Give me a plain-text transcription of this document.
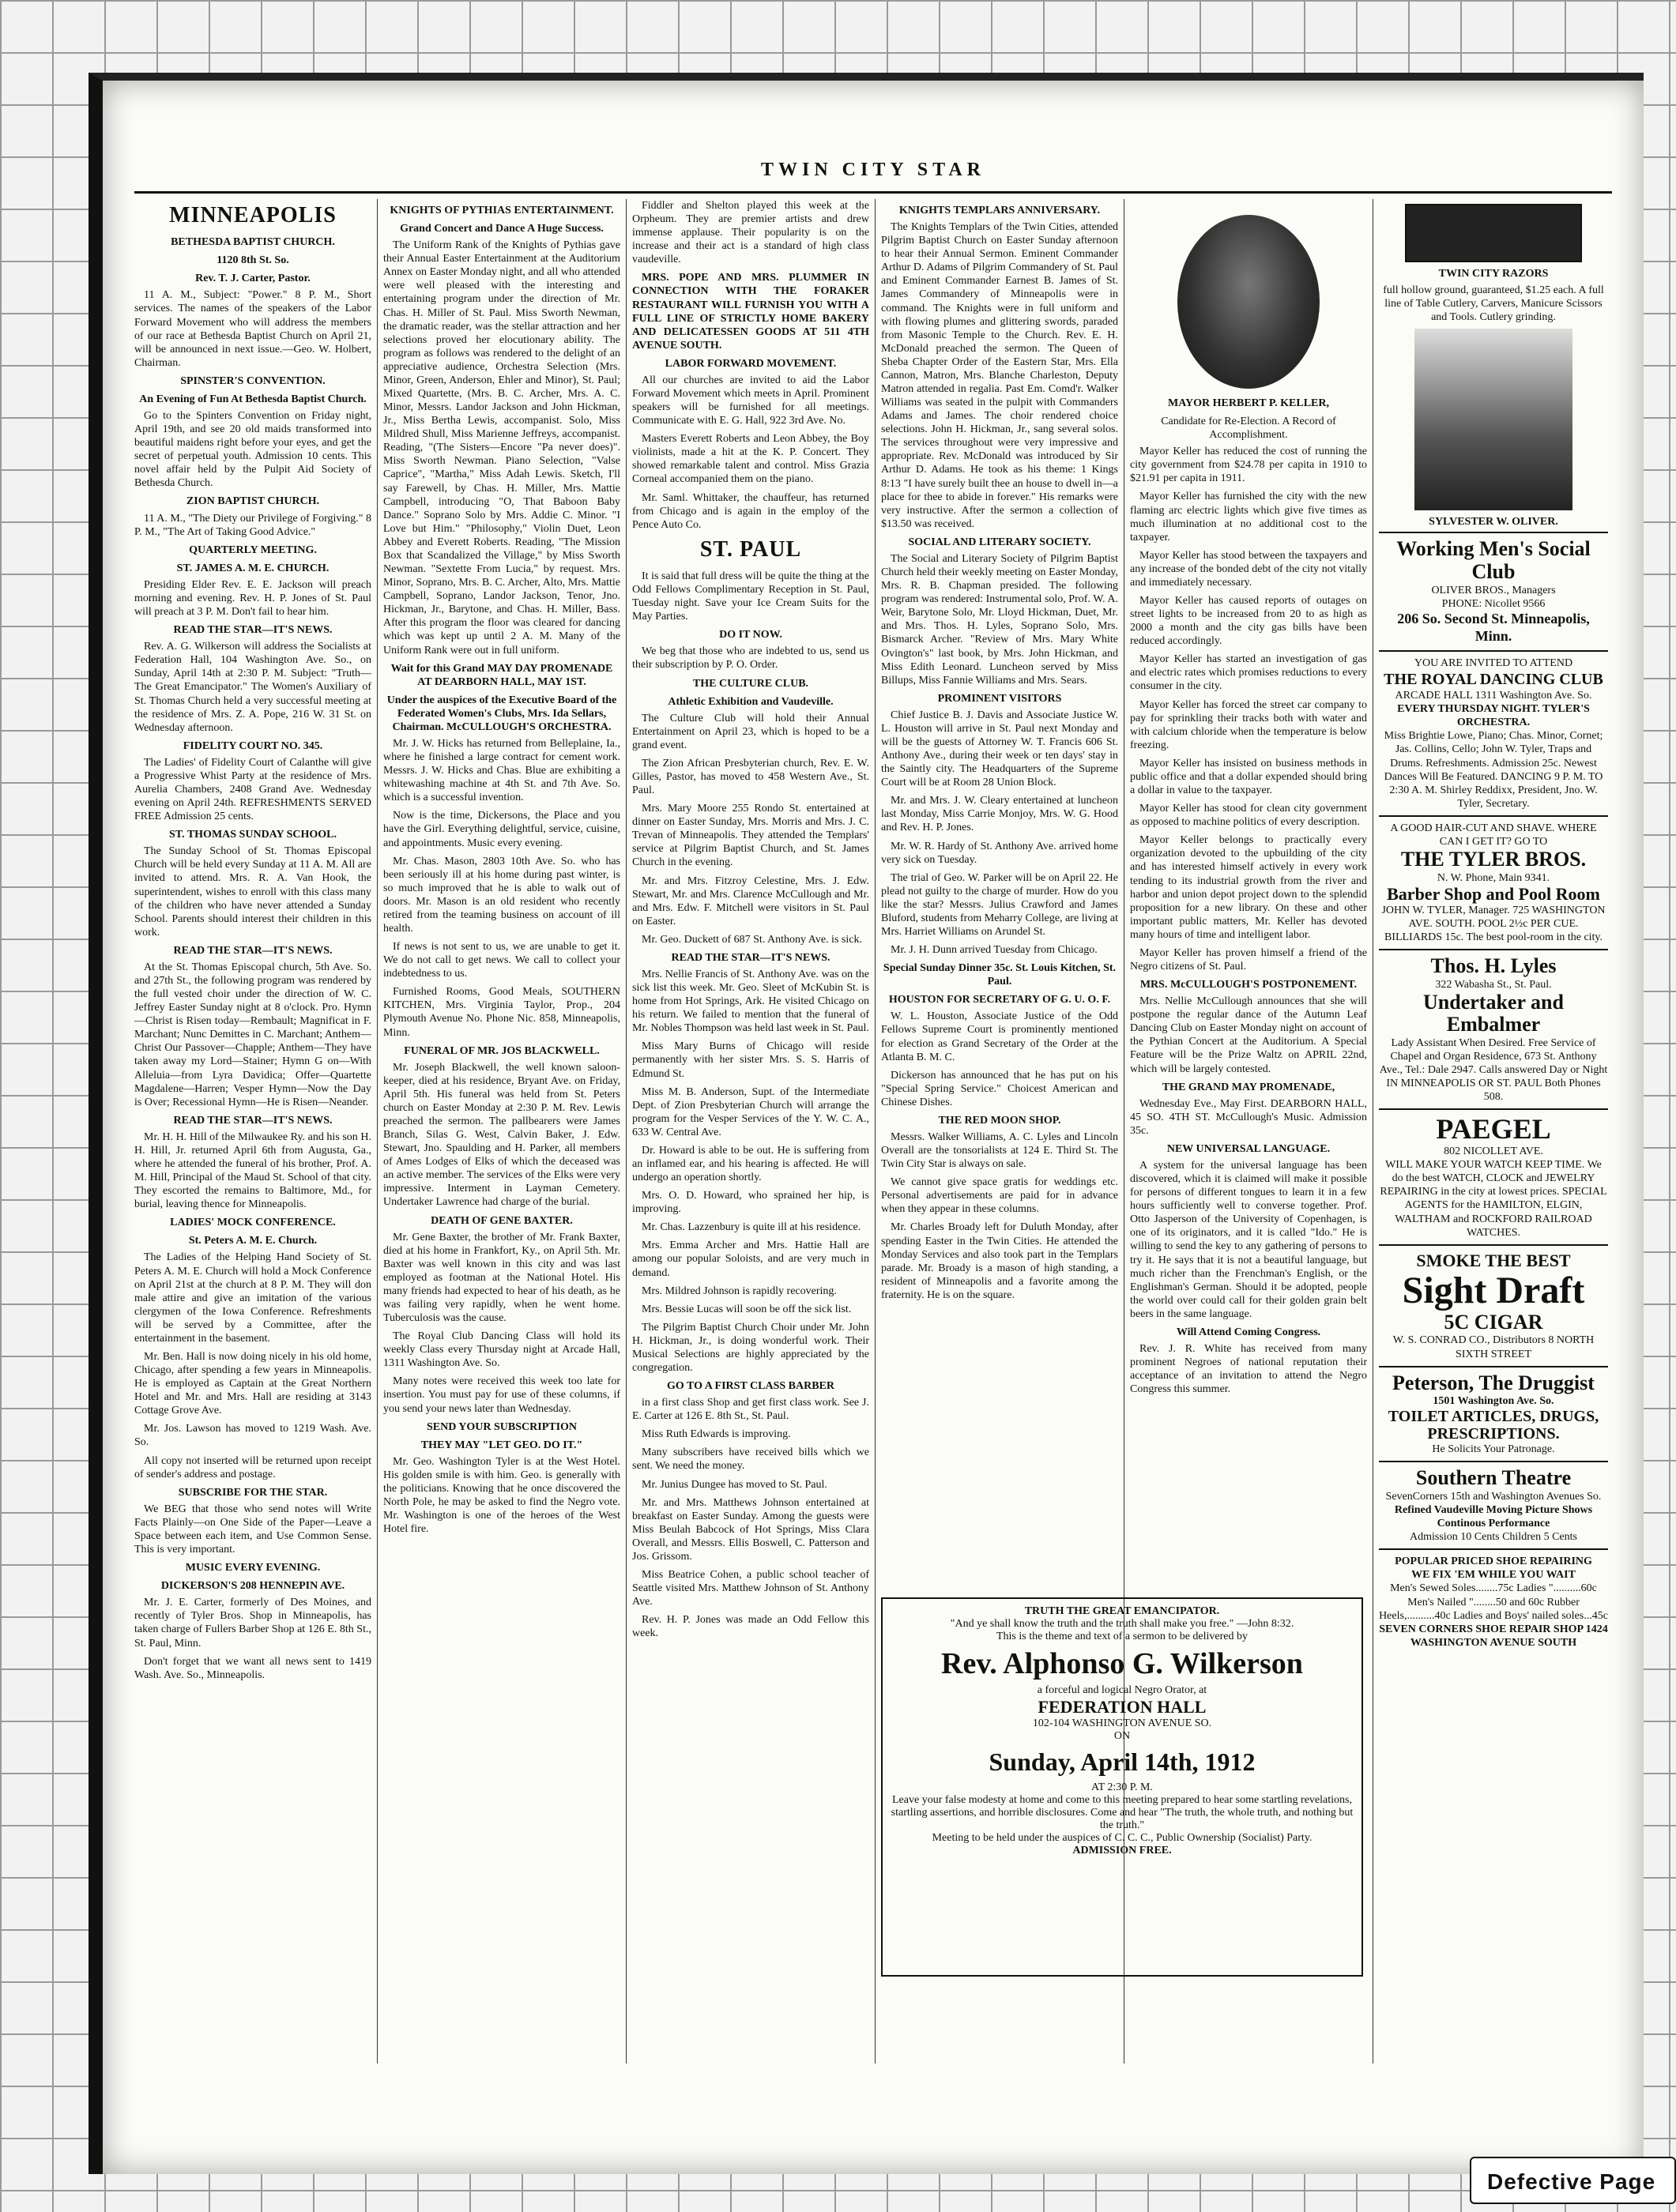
TWIN CITY STAR
MINNEAPOLIS
BETHESDA BAPTIST CHURCH.
1120 8th St. So.
Rev. T. J. Carter, Pastor.

11 A. M., Subject: "Power." 8 P. M., Short services. The names of the speakers of the Labor Forward Movement who will address the members of our race at Bethesda Baptist Church on April 21, will be announced in next issue.—Geo. W. Holbert, Chairman.

SPINSTER'S CONVENTION.
An Evening of Fun At Bethesda Baptist Church.

Go to the Spinters Convention on Friday night, April 19th, and see 20 old maids transformed into beautiful maidens right before your eyes, and get the secret of perpetual youth. Admission 10 cents. This novel affair held by the Pulpit Aid Society of Bethesda Church.

ZION BAPTIST CHURCH.

11 A. M., "The Diety our Privilege of Forgiving." 8 P. M., "The Art of Taking Good Advice."

QUARTERLY MEETING.
ST. JAMES A. M. E. CHURCH.

Presiding Elder Rev. E. E. Jackson will preach morning and evening. Rev. H. P. Jones of St. Paul will preach at 3 P. M. Don't fail to hear him.

READ THE STAR—IT'S NEWS.

Rev. A. G. Wilkerson will address the Socialists at Federation Hall, 104 Washington Ave. So., on Sunday, April 14th at 2:30 P. M. Subject: "Truth—The Great Emancipator." The Women's Auxiliary of St. Thomas Church held a very successful meeting at the residence of Mrs. Z. A. Pope, 216 W. 31 St. on Wednesday afternoon.

FIDELITY COURT NO. 345.

The Ladies' of Fidelity Court of Calanthe will give a Progressive Whist Party at the residence of Mrs. Aurelia Chambers, 2408 Grand Ave. Wednesday evening on April 24th. REFRESHMENTS SERVED FREE Admission 25 cents.

ST. THOMAS SUNDAY SCHOOL.

The Sunday School of St. Thomas Episcopal Church will be held every Sunday at 11 A. M. All are invited to attend. Mrs. R. A. Van Hook, the superintendent, wishes to enroll with this class many of the children who have never attended a Sunday School. Parents should interest their children in this work.

READ THE STAR—IT'S NEWS.

At the St. Thomas Episcopal church, 5th Ave. So. and 27th St., the following program was rendered by the full vested choir under the direction of W. C. Jeffrey Easter Sunday night at 8 o'clock. Pro. Hymn—Christ is Risen today—Rembault; Magnificat in F. Marchant; Nunc Demittes in C. Marchant; Anthem—Christ Our Passover—Chapple; Anthem—They have taken away my Lord—Stainer; Hymn G on—With Alleluia—from Lyra Davidica; Offer—Quartette Magdalene—Harren; Vesper Hymn—Now the Day is Over; Recessional Hymn—He is Risen—Neander.

READ THE STAR—IT'S NEWS.

Mr. H. H. Hill of the Milwaukee Ry. and his son H. H. Hill, Jr. returned April 6th from Augusta, Ga., where he attended the funeral of his brother, Prof. A. M. Hill, Principal of the Maud St. School of that city. They escorted the remains to Baltimore, Md., for burial, leaving thence for Minneapolis.

LADIES' MOCK CONFERENCE.
St. Peters A. M. E. Church.

The Ladies of the Helping Hand Society of St. Peters A. M. E. Church will hold a Mock Conference on April 21st at the church at 8 P. M. They will don male attire and give an imitation of the various clergymen of the Iowa Conference. Refreshments will be served by a Committee, after the entertainment in the basement.

Mr. Ben. Hall is now doing nicely in his old home, Chicago, after spending a few years in Minneapolis. He is employed as Captain at the Great Northern Hotel and Mr. and Mrs. Hall are residing at 3143 Cottage Grove Ave.

Mr. Jos. Lawson has moved to 1219 Wash. Ave. So.

All copy not inserted will be returned upon receipt of sender's address and postage.

SUBSCRIBE FOR THE STAR.

We BEG that those who send notes will Write Facts Plainly—on One Side of the Paper—Leave a Space between each item, and Use Common Sense. This is very important.

MUSIC EVERY EVENING.
DICKERSON'S 208 HENNEPIN AVE.

Mr. J. E. Carter, formerly of Des Moines, and recently of Tyler Bros. Shop in Minneapolis, has taken charge of Fullers Barber Shop at 126 E. 8th St., St. Paul, Minn.

Don't forget that we want all news sent to 1419 Wash. Ave. So., Minneapolis.

KNIGHTS OF PYTHIAS ENTERTAINMENT.
Grand Concert and Dance A Huge Success.

The Uniform Rank of the Knights of Pythias gave their Annual Easter Entertainment at the Auditorium Annex on Easter Monday night, and all who attended were well pleased with the interesting and entertaining program under the direction of Mr. Chas. H. Miller of St. Paul. Miss Sworth Newman, the dramatic reader, was the stellar attraction and her selections proved her elocutionary ability. The program as follows was rendered to the delight of an appreciative audience, Orchestra Selection (Mrs. Minor, Green, Anderson, Ehler and Minor), St. Paul; Mixed Quartette, (Mrs. B. C. Archer, Mrs. A. C. Minor, Messrs. Landor Jackson and John Hickman, Jr., Miss Bertha Lewis, accompanist. Solo, Miss Mildred Shull, Miss Marienne Jeffreys, accompanist. Reading, "(The Sisters—Encore "Pa never does)". Miss Sworth Newman. Piano Selection, "Valse Caprice", "Martha," Miss Adah Lewis. Sketch, I'll say Farewell, by Chas. H. Miller, Mrs. Mattie Campbell, introducing "O, That Baboon Baby Dance." Soprano Solo by Mrs. Addie C. Minor. "I Love but Him." "Philosophy," Violin Duet, Leon Abbey and Everett Roberts. Reading, "The Mission Box that Scandalized the Village," by Miss Sworth Newman. "Sextette From Lucia," by request. Mrs. Minor, Soprano, Mrs. B. C. Archer, Alto, Mrs. Mattie Campbell, Soprano, Landor Jackson, Tenor, Jno. Hickman, Jr., Barytone, and Chas. H. Miller, Bass. After this program the floor was cleared for dancing which was kept up until 2 A. M. Many of the Uniform Rank were out in full uniform.

Wait for this Grand MAY DAY PROMENADE AT DEARBORN HALL, MAY 1ST.
Under the auspices of the Executive Board of the Federated Women's Clubs, Mrs. Ida Sellars, Chairman. McCULLOUGH'S ORCHESTRA.

Mr. J. W. Hicks has returned from Belleplaine, Ia., where he finished a large contract for cement work. Messrs. J. W. Hicks and Chas. Blue are exhibiting a whitewashing machine at 4th St. and 7th Ave. So. which is a successful invention.

Now is the time, Dickersons, the Place and you have the Girl. Everything delightful, service, cuisine, and appointments. Music every evening.

Mr. Chas. Mason, 2803 10th Ave. So. who has been seriously ill at his home during past winter, is so much improved that he is able to walk out of doors. Mr. Mason is an old resident who recently retired from the teaming business on account of ill health.

If news is not sent to us, we are unable to get it. We do not call to get news. We call to collect your indebtedness to us.

Furnished Rooms, Good Meals, SOUTHERN KITCHEN, Mrs. Virginia Taylor, Prop., 204 Plymouth Avenue No. Phone Nic. 858, Minneapolis, Minn.

FUNERAL OF MR. JOS BLACKWELL.

Mr. Joseph Blackwell, the well known saloon-keeper, died at his residence, Bryant Ave. on Friday, April 5th. His funeral was held from St. Peters church on Easter Monday at 2:30 P. M. Rev. Lewis preached the sermon. The pallbearers were James Branch, Silas G. West, Calvin Baker, J. Edw. Stewart, Jno. Spaulding and H. Parker, all members of Ames Lodges of Elks of which the deceased was an active member. The services of the Elks were very impressive. Interment in Layman Cemetery. Undertaker Lawrence had charge of the burial.

DEATH OF GENE BAXTER.

Mr. Gene Baxter, the brother of Mr. Frank Baxter, died at his home in Frankfort, Ky., on April 5th. Mr. Baxter was well known in this city and was last employed as footman at the National Hotel. His many friends had expected to hear of his death, as he was failing very rapidly, when he went home. Tuberculosis was the cause.

The Royal Club Dancing Class will hold its weekly Class every Thursday night at Arcade Hall, 1311 Washington Ave. So.

Many notes were received this week too late for insertion. You must pay for use of these columns, if you send your news later than Wednesday.

SEND YOUR SUBSCRIPTION
THEY MAY "LET GEO. DO IT."

Mr. Geo. Washington Tyler is at the West Hotel. His golden smile is with him. Geo. is generally with the politicians. Knowing that he once discovered the North Pole, he may be asked to find the Negro vote. Mr. Washington is one of the heroes of the West Hotel fire.

Fiddler and Shelton played this week at the Orpheum. They are premier artists and drew immense applause. Their popularity is on the increase and their act is a standard of high class vaudeville.

MRS. POPE AND MRS. PLUMMER IN CONNECTION WITH THE FORAKER RESTAURANT WILL FURNISH YOU WITH A FULL LINE OF STRICTLY HOME BAKERY AND DELICATESSEN GOODS AT 511 4TH AVENUE SOUTH.

LABOR FORWARD MOVEMENT.

All our churches are invited to aid the Labor Forward Movement which meets in April. Prominent speakers will be furnished for all meetings. Communicate with E. G. Hall, 922 3rd Ave. No.

Masters Everett Roberts and Leon Abbey, the Boy violinists, made a hit at the K. P. Concert. They showed remarkable talent and control. Miss Grazia Corneal accompanied them on the piano.

Mr. Saml. Whittaker, the chauffeur, has returned from Chicago and is again in the employ of the Pence Auto Co.

ST. PAUL

It is said that full dress will be quite the thing at the Odd Fellows Complimentary Reception in St. Paul, Tuesday night. Save your Ice Cream Suits for the May Parties.

DO IT NOW.

We beg that those who are indebted to us, send us their subscription by P. O. Order.

THE CULTURE CLUB.
Athletic Exhibition and Vaudeville.

The Culture Club will hold their Annual Entertainment on April 23, which is hoped to be a grand event.

The Zion African Presbyterian church, Rev. E. W. Gilles, Pastor, has moved to 458 Western Ave., St. Paul.

Mrs. Mary Moore 255 Rondo St. entertained at dinner on Easter Sunday, Mrs. Morris and Mrs. J. C. Trevan of Minneapolis. They attended the Templars' service at Pilgrim Baptist Church, and St. James Church in the evening.

Mr. and Mrs. Fitzroy Celestine, Mrs. J. Edw. Stewart, Mr. and Mrs. Clarence McCullough and Mr. and Mrs. Edw. F. Mitchell were visitors in St. Paul on Easter.

Mr. Geo. Duckett of 687 St. Anthony Ave. is sick.

READ THE STAR—IT'S NEWS.

Mrs. Nellie Francis of St. Anthony Ave. was on the sick list this week. Mr. Geo. Sleet of McKubin St. is home from Hot Springs, Ark. He visited Chicago on his return. We failed to mention that the funeral of Mr. Nobles Thompson was held last week in St. Paul.

Miss Mary Burns of Chicago will reside permanently with her sister Mrs. S. S. Harris of Edmund St.

Miss M. B. Anderson, Supt. of the Intermediate Dept. of Zion Presbyterian Church will arrange the program for the Vesper Services of the Y. W. C. A., 633 W. Central Ave.

Dr. Howard is able to be out. He is suffering from an inflamed ear, and his hearing is affected. He will undergo an operation shortly.

Mrs. O. D. Howard, who sprained her hip, is improving.

Mr. Chas. Lazzenbury is quite ill at his residence.

Mrs. Emma Archer and Mrs. Hattie Hall are among our popular Soloists, and are very much in demand.

Mrs. Mildred Johnson is rapidly recovering.

Mrs. Bessie Lucas will soon be off the sick list.

The Pilgrim Baptist Church Choir under Mr. John H. Hickman, Jr., is doing wonderful work. Their Musical Selections are highly appreciated by the congregation.

GO TO A FIRST CLASS BARBER

in a first class Shop and get first class work. See J. E. Carter at 126 E. 8th St., St. Paul.

Miss Ruth Edwards is improving.

Many subscribers have received bills which we sent. We need the money.

Mr. Junius Dungee has moved to St. Paul.

Mr. and Mrs. Matthews Johnson entertained at breakfast on Easter Sunday. Among the guests were Miss Beulah Babcock of Hot Springs, Miss Clara Overall, and Messrs. Ellis Boswell, C. Patterson and Jos. Grissom.

Miss Beatrice Cohen, a public school teacher of Seattle visited Mrs. Matthew Johnson of St. Anthony Ave.

Rev. H. P. Jones was made an Odd Fellow this week.

KNIGHTS TEMPLARS ANNIVERSARY.

The Knights Templars of the Twin Cities, attended Pilgrim Baptist Church on Easter Sunday afternoon to hear their Annual Sermon. Eminent Commander Arthur D. Adams of Pilgrim Commandery of St. Paul and Eminent Commander Earnest B. James of St. James Commandery of Minneapolis were in command. The Knights were in full uniform and with flowing plumes and glittering swords, paraded from Masonic Temple to the Church. Rev. E. H. McDonald preached the sermon. The Queen of Sheba Chapter Order of the Eastern Star, Mrs. Ella Cannon, Matron, Mrs. Blanche Charleston, Deputy Matron attended in regalia. Past Em. Comd'r. Walker Williams was seated in the pulpit with Commanders Adams and James. The choir rendered choice selections. John H. Hickman, Jr., sang several solos. The services throughout were very impressive and appropriate. Rev. McDonald was introduced by Sir Arthur D. Adams. He took as his theme: 1 Kings 8:13 "I have surely built thee an house to dwell in—a place for thee to abide in forever." His remarks were very instructive. After the sermon a collection of $13.50 was received.

SOCIAL AND LITERARY SOCIETY.

The Social and Literary Society of Pilgrim Baptist Church held their weekly meeting on Easter Monday, Mrs. R. B. Chapman presided. The following program was rendered: Instrumental solo, Prof. W. A. Weir, Barytone Solo, Mr. Lloyd Hickman, Duet, Mr. and Mrs. Thos. H. Lyles, Soprano Solo, Mrs. Bismarck Archer. "Review of Mrs. Mary White Ovington's" last book, by Mrs. John Hickman, and Miss Edith Leonard. Luncheon served by Miss Billups, Miss Fannie Williams and Mrs. Sears.

PROMINENT VISITORS

Chief Justice B. J. Davis and Associate Justice W. L. Houston will arrive in St. Paul next Monday and will be the guests of Attorney W. T. Francis 606 St. Anthony Ave., during their week or ten days' stay in the Saintly city. The Headquarters of the Supreme Court will be at Room 28 Union Block.

Mr. and Mrs. J. W. Cleary entertained at luncheon last Monday, Miss Carrie Monjoy, Mrs. W. G. Hood and Rev. H. P. Jones.

Mr. W. R. Hardy of St. Anthony Ave. arrived home very sick on Tuesday.

The trial of Geo. W. Parker will be on April 22. He plead not guilty to the charge of murder. How do you like the star? Messrs. Julius Crawford and James Bluford, students from Meharry College, are living at Mrs. Harriet Williams on Arundel St.

Mr. J. H. Dunn arrived Tuesday from Chicago.

Special Sunday Dinner 35c. St. Louis Kitchen, St. Paul.
HOUSTON FOR SECRETARY OF G. U. O. F.

W. L. Houston, Associate Justice of the Odd Fellows Supreme Court is prominently mentioned for election as Grand Secretary of the Order at the Atlanta B. M. C.

Dickerson has announced that he has put on his "Special Spring Service." Choicest American and Chinese Dishes.

THE RED MOON SHOP.

Messrs. Walker Williams, A. C. Lyles and Lincoln Overall are the tonsorialists at 124 E. Third St. The Twin City Star is always on sale.

We cannot give space gratis for weddings etc. Personal advertisements are paid for in advance when they appear in these columns.

Mr. Charles Broady left for Duluth Monday, after spending Easter in the Twin Cities. He attended the Monday Services and also took part in the Templars parade. Mr. Broady is a mason of high standing, a resident of Minneapolis and a favorite among the fraternity. He is on the square.

MAYOR HERBERT P. KELLER,
Candidate for Re-Election. A Record of Accomplishment.

Mayor Keller has reduced the cost of running the city government from $24.78 per capita in 1910 to $21.91 per capita in 1911.

Mayor Keller has furnished the city with the new flaming arc electric lights which give five times as much illumination at no additional cost to the taxpayer.

Mayor Keller has stood between the taxpayers and any increase of the bonded debt of the city not vitally and immediately necessary.

Mayor Keller has caused reports of outages on street lights to be increased from 20 to as high as 2000 a month and the city gas bills have been reduced accordingly.

Mayor Keller has started an investigation of gas and electric rates which promises reductions to every consumer in the city.

Mayor Keller has forced the street car company to pay for sprinkling their tracks both with water and with calcium chloride when the temperature is below freezing.

Mayor Keller has insisted on business methods in public office and that a dollar expended should bring a dollar in value to the taxpayer.

Mayor Keller has stood for clean city government as opposed to machine politics of every description.

Mayor Keller belongs to practically every organization devoted to the upbuilding of the city and has interested himself actively in every work tending to its industrial growth from the river and harbor and union depot project down to the splendid proposition for a new library. On these and other important public matters, Mr. Keller has devoted many hours of time and intelligent labor.

Mayor Keller has proven himself a friend of the Negro citizens of St. Paul.

MRS. McCULLOUGH'S POSTPONEMENT.

Mrs. Nellie McCullough announces that she will postpone the regular dance of the Autumn Leaf Dancing Club on Easter Monday night on account of the Pythian Concert at the Auditorium. A Special Feature will be the Prize Waltz on APRIL 22nd, which will be largely contested.

THE GRAND MAY PROMENADE,

Wednesday Eve., May First. DEARBORN HALL, 45 SO. 4TH ST. McCullough's Music. Admission 35c.

NEW UNIVERSAL LANGUAGE.

A system for the universal language has been discovered, which it is claimed will make it possible for persons of different tongues to learn it in a few hours sufficiently well to converse together. Prof. Otto Jasperson of the University of Copenhagen, is one of its originators, and it is called "Ido." He is willing to send the key to any gathering of persons to try it. He says that it is not a beautiful language, but much richer than the Frenchman's English, or the Englishman's German. Should it be adopted, people the world over could call for their golden grain belt beers in the same language.

Will Attend Coming Congress.

Rev. J. R. White has received from many prominent Negroes of national reputation their acceptance of an invitation to attend the Negro Congress this summer.

TWIN CITY RAZORS

full hollow ground, guaranteed, $1.25 each. A full line of Table Cutlery, Carvers, Manicure Scissors and Tools. Cutlery grinding.

SYLVESTER W. OLIVER.
Working Men's Social Club
OLIVER BROS., Managers
PHONE: Nicollet 9566
206 So. Second St. Minneapolis, Minn.
YOU ARE INVITED TO ATTEND
THE ROYAL DANCING CLUB
ARCADE HALL 1311 Washington Ave. So.
EVERY THURSDAY NIGHT. TYLER'S ORCHESTRA.
Miss Brightie Lowe, Piano; Chas. Minor, Cornet; Jas. Collins, Cello; John W. Tyler, Traps and Drums. Refreshments. Admission 25c. Newest Dances Will Be Featured. DANCING 9 P. M. TO 2:30 A. M. Shirley Reddixx, President, Jno. W. Tyler, Secretary.
A GOOD HAIR-CUT AND SHAVE. WHERE CAN I GET IT? GO TO
THE TYLER BROS.
N. W. Phone, Main 9341.
Barber Shop and Pool Room
JOHN W. TYLER, Manager. 725 WASHINGTON AVE. SOUTH. POOL 2½c PER CUE. BILLIARDS 15c. The best pool-room in the city.
Thos. H. Lyles
322 Wabasha St., St. Paul.
Undertaker and Embalmer
Lady Assistant When Desired. Free Service of Chapel and Organ Residence, 673 St. Anthony Ave., Tel.: Dale 2947. Calls answered Day or Night IN MINNEAPOLIS OR ST. PAUL Both Phones 508.
PAEGEL
802 NICOLLET AVE.
WILL MAKE YOUR WATCH KEEP TIME. We do the best WATCH, CLOCK and JEWELRY REPAIRING in the city at lowest prices. SPECIAL AGENTS for the HAMILTON, ELGIN, WALTHAM and ROCKFORD RAILROAD WATCHES.
SMOKE THE BEST
Sight Draft
5C CIGAR
W. S. CONRAD CO., Distributors 8 NORTH SIXTH STREET
Peterson, The Druggist
1501 Washington Ave. So.
TOILET ARTICLES, DRUGS, PRESCRIPTIONS.
He Solicits Your Patronage.
Southern Theatre
SevenCorners 15th and Washington Avenues So.
Refined Vaudeville Moving Picture Shows Continous Performance
Admission 10 Cents Children 5 Cents
POPULAR PRICED SHOE REPAIRING
WE FIX 'EM WHILE YOU WAIT
Men's Sewed Soles........75c Ladies "..........60c Men's Nailed "........50 and 60c Rubber Heels,..........40c Ladies and Boys' nailed soles...45c
SEVEN CORNERS SHOE REPAIR SHOP 1424 WASHINGTON AVENUE SOUTH
TRUTH THE GREAT EMANCIPATOR.
"And ye shall know the truth and the truth shall make you free." —John 8:32.
This is the theme and text of a sermon to be delivered by
Rev. Alphonso G. Wilkerson
a forceful and logical Negro Orator, at
FEDERATION HALL
102-104 WASHINGTON AVENUE SO.
ON
Sunday, April 14th, 1912
AT 2:30 P. M.
Leave your false modesty at home and come to this meeting prepared to hear some startling revelations, startling assertions, and horrible disclosures. Come and hear "The truth, the whole truth, and nothing but the truth."
Meeting to be held under the auspices of C. C. C., Public Ownership (Socialist) Party.
ADMISSION FREE.
Defective Page
